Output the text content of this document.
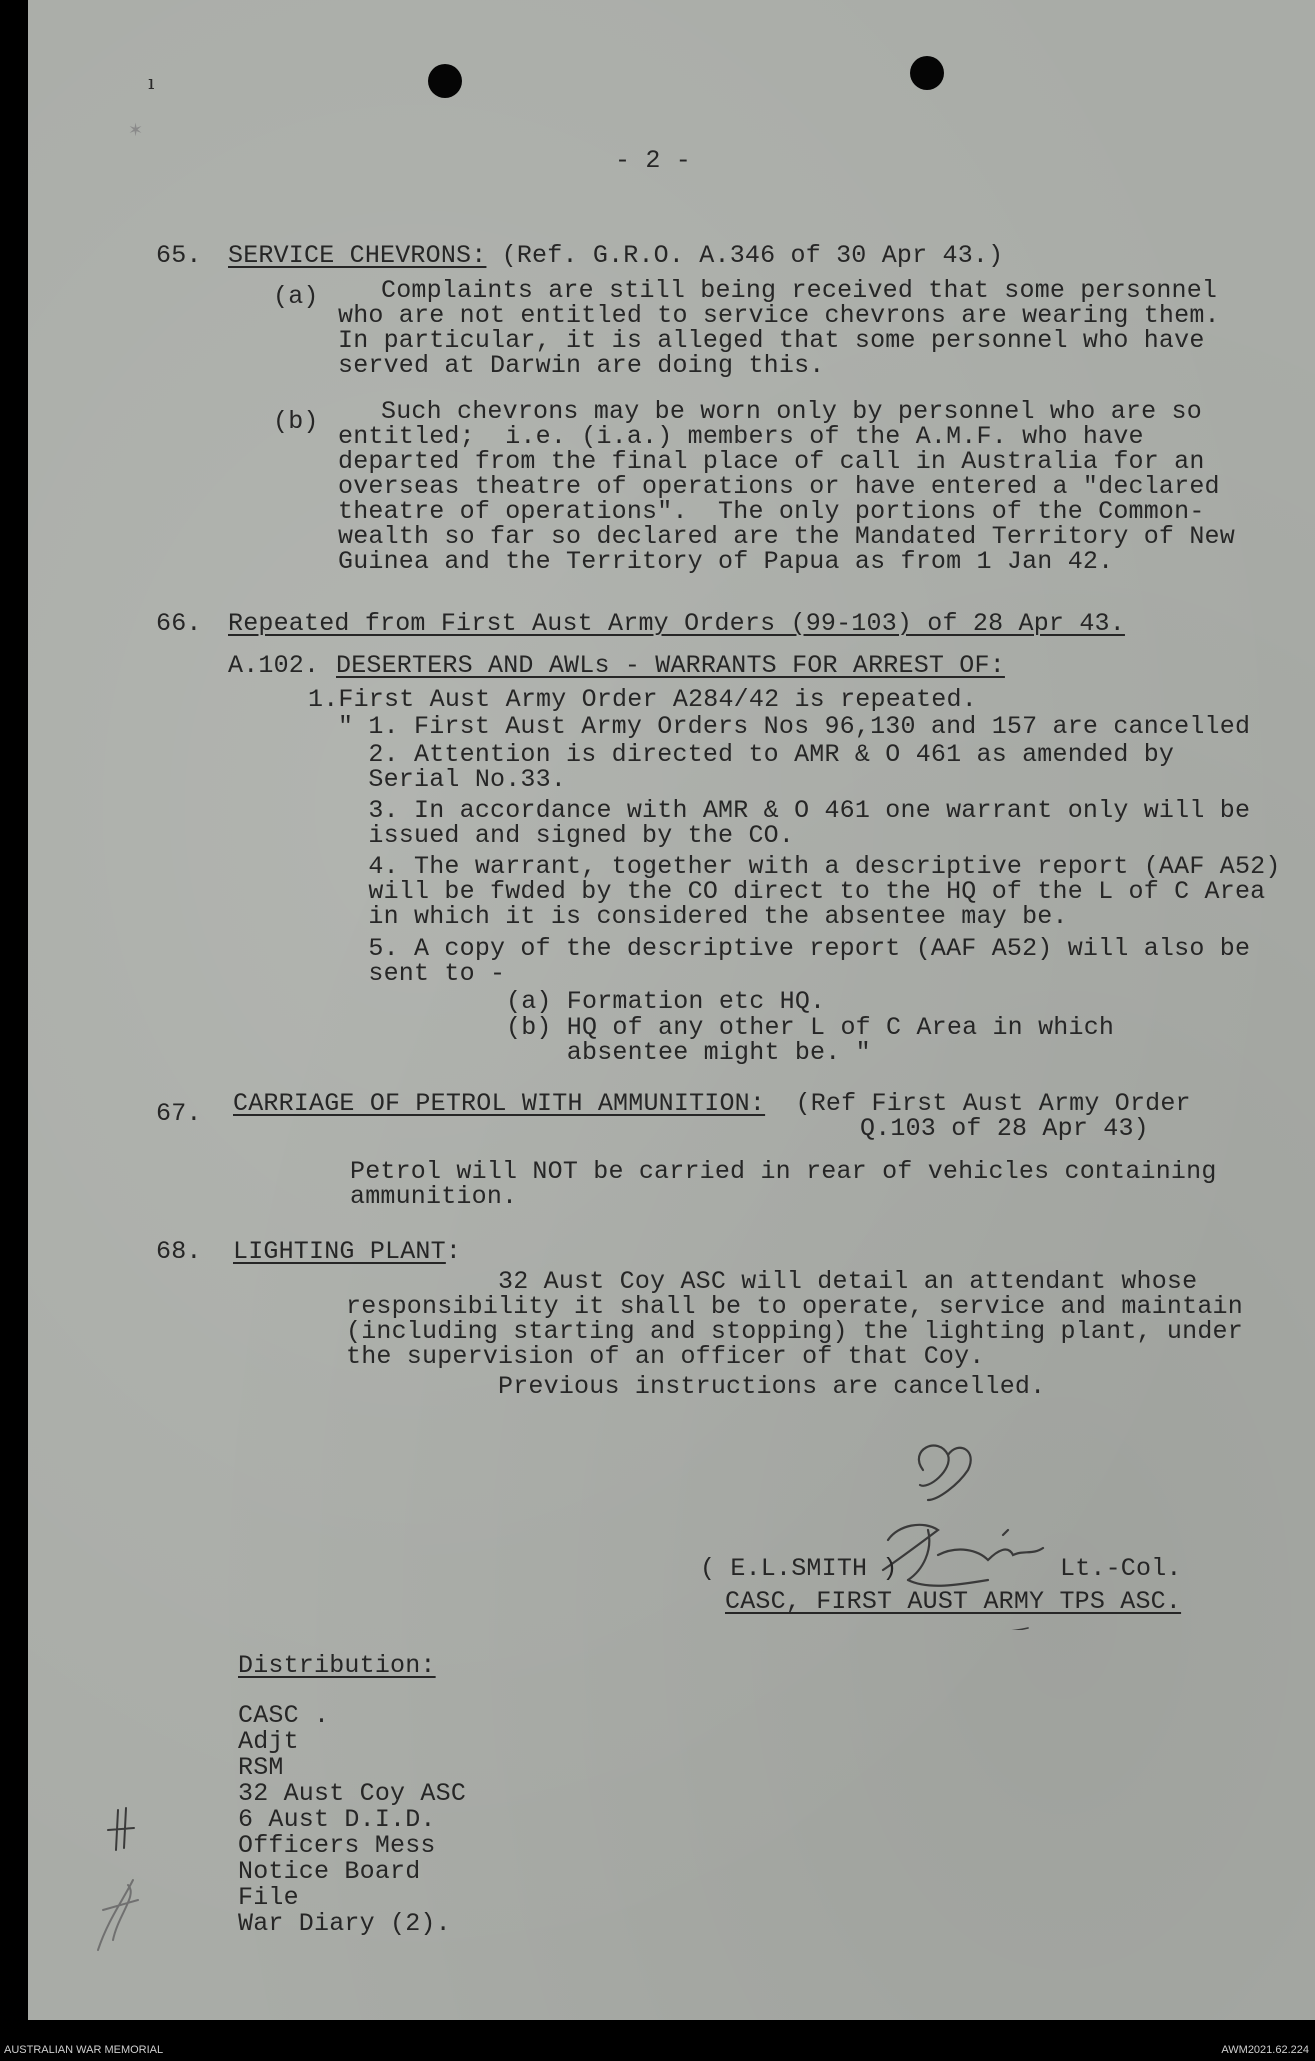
ı
✶
- 2 -
65. SERVICE CHEVRONS: (Ref. G.R.O. A.346 of 30 Apr 43.)
(a) Complaints are still being received that some personnel
who are not entitled to service chevrons are wearing them.
In particular, it is alleged that some personnel who have
served at Darwin are doing this.
(b) Such chevrons may be worn only by personnel who are so
entitled;  i.e. (i.a.) members of the A.M.F. who have
departed from the final place of call in Australia for an
overseas theatre of operations or have entered a "declared
theatre of operations".  The only portions of the Common-
wealth so far so declared are the Mandated Territory of New
Guinea and the Territory of Papua as from 1 Jan 42.
66. Repeated from First Aust Army Orders (99-103) of 28 Apr 43.
A.102. DESERTERS AND AWLs - WARRANTS FOR ARREST OF:
1.First Aust Army Order A284/42 is repeated.
" 1. First Aust Army Orders Nos 96,130 and 157 are cancelled
2. Attention is directed to AMR & O 461 as amended by
Serial No.33.
3. In accordance with AMR & O 461 one warrant only will be
issued and signed by the CO.
4. The warrant, together with a descriptive report (AAF A52)
will be fwded by the CO direct to the HQ of the L of C Area
in which it is considered the absentee may be.
5. A copy of the descriptive report (AAF A52) will also be
sent to -
(a) Formation etc HQ.
(b) HQ of any other L of C Area in which
absentee might be. "
67. CARRIAGE OF PETROL WITH AMMUNITION:  (Ref First Aust Army Order
Q.103 of 28 Apr 43)
Petrol will NOT be carried in rear of vehicles containing
ammunition.
68. LIGHTING PLANT:
32 Aust Coy ASC will detail an attendant whose
responsibility it shall be to operate, service and maintain
(including starting and stopping) the lighting plant, under
the supervision of an officer of that Coy.
Previous instructions are cancelled.
( E.L.SMITH )	Lt.-Col.
CASC, FIRST AUST ARMY TPS ASC.
Distribution:
CASC .
Adjt
RSM
32 Aust Coy ASC
6 Aust D.I.D.
Officers Mess
Notice Board
File
War Diary (2).
AUSTRALIAN WAR MEMORIAL	AWM2021.62.224
